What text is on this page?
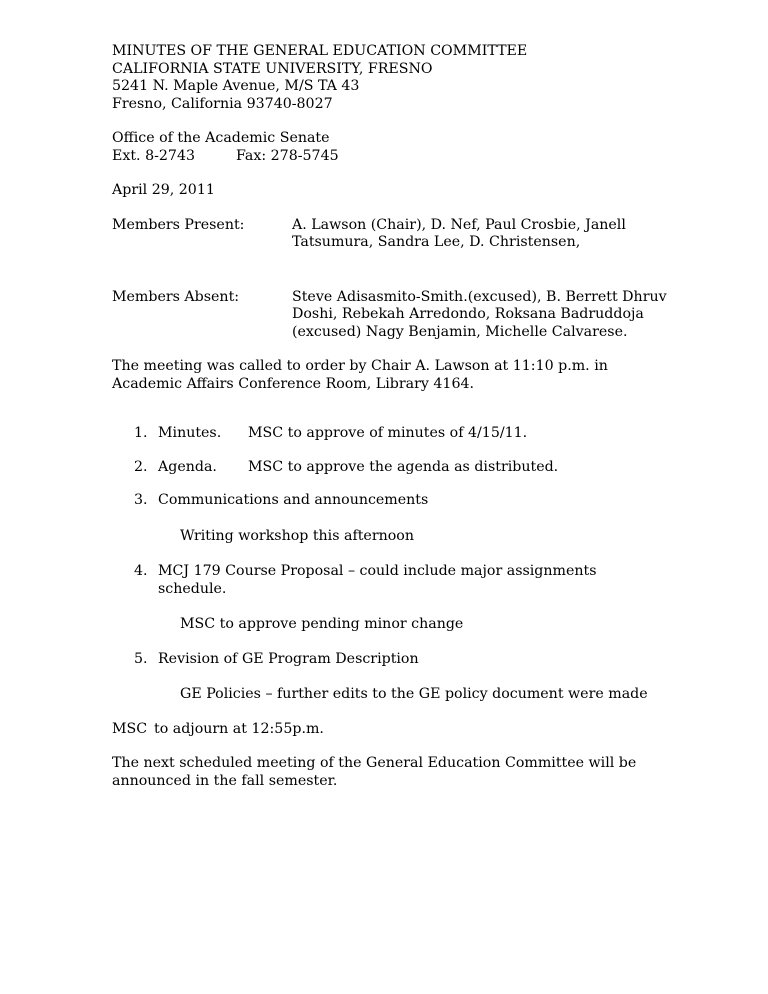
MINUTES OF THE GENERAL EDUCATION COMMITTEE
CALIFORNIA STATE UNIVERSITY, FRESNO
5241 N. Maple Avenue, M/S TA 43
Fresno, California 93740-8027
Office of the Academic Senate
Ext. 8-2743	Fax: 278-5745
April 29, 2011
Members Present:	A. Lawson (Chair), D. Nef, Paul Crosbie, Janell Tatsumura, Sandra Lee, D. Christensen,
Members Absent:	Steve Adisasmito-Smith.(excused), B. Berrett Dhruv Doshi, Rebekah Arredondo, Roksana Badruddoja (excused) Nagy Benjamin, Michelle Calvarese.
The meeting was called to order by Chair A. Lawson at 11:10 p.m. in
Academic Affairs Conference Room, Library 4164.
1. Minutes.	MSC to approve of minutes of 4/15/11.
2. Agenda.	MSC to approve the agenda as distributed.
3. Communications and announcements
Writing workshop this afternoon
4. MCJ 179 Course Proposal – could include major assignments
schedule.
MSC to approve pending minor change
5. Revision of GE Program Description
GE Policies – further edits to the GE policy document were made
MSC to adjourn at 12:55p.m.
The next scheduled meeting of the General Education Committee will be
announced in the fall semester.
